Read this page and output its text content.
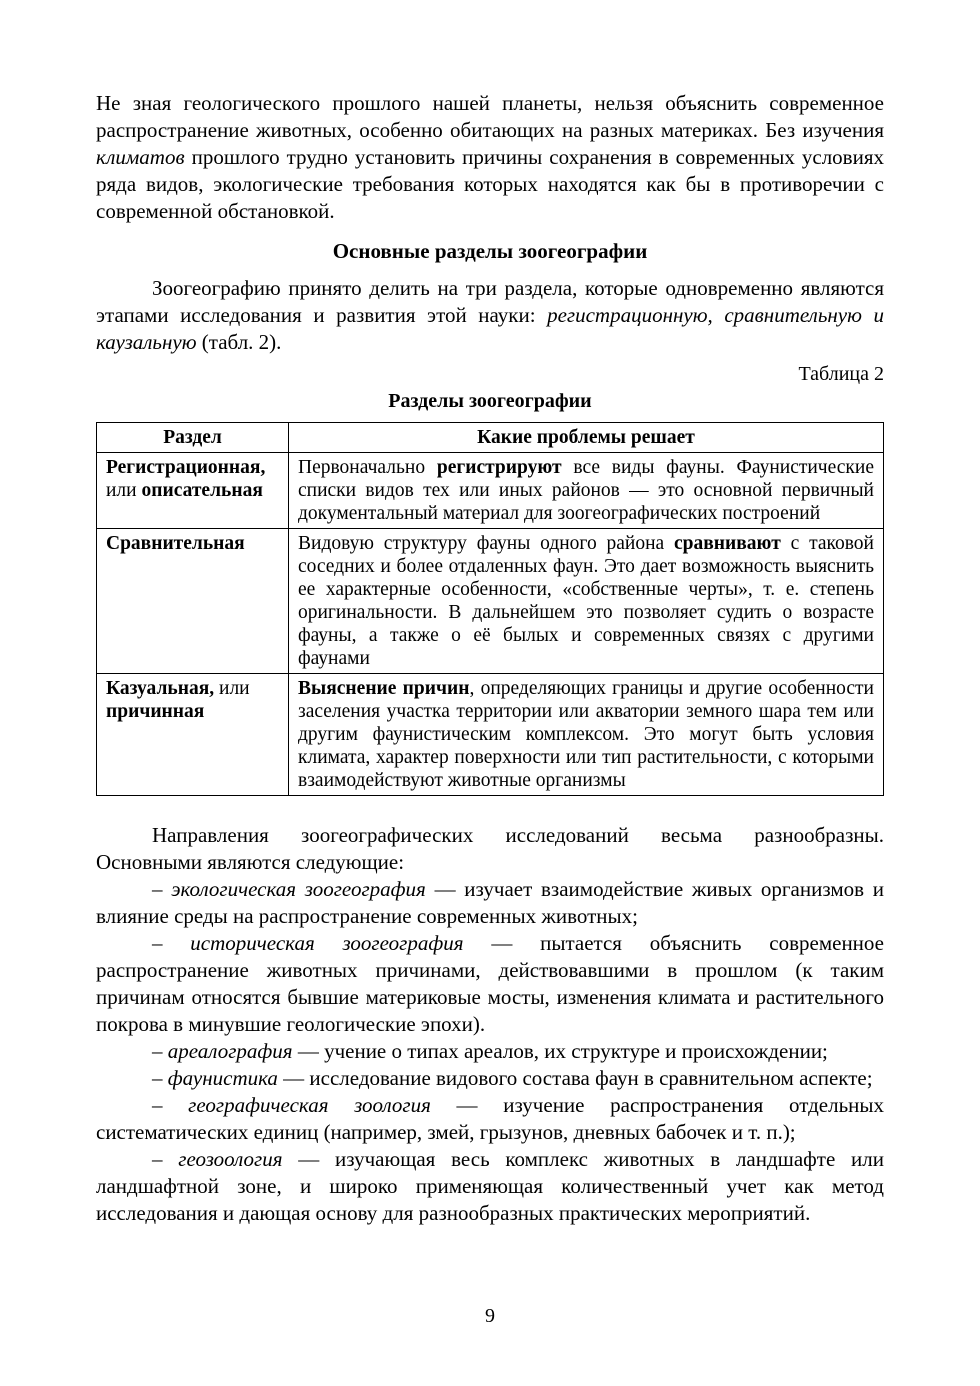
Не зная геологического прошлого нашей планеты, нельзя объяснить современное распространение животных, особенно обитающих на разных материках. Без изучения климатов прошлого трудно установить причины сохранения в современных условиях ряда видов, экологические требования которых находятся как бы в противоречии с современной обстановкой.

Основные разделы зоогеографии

Зоогеографию принято делить на три раздела, которые одновременно являются этапами исследования и развития этой науки: регистрационную, сравнительную и каузальную (табл. 2).

Таблица 2
Разделы зоогеографии
Раздел	Какие проблемы решает
Регистрационная, или описательная	Первоначально регистрируют все виды фауны. Фаунистические списки видов тех или иных районов — это основной первичный документальный материал для зоогеографических построений
Сравнительная	Видовую структуру фауны одного района сравнивают с таковой соседних и более отдаленных фаун. Это дает возможность выяснить ее характерные особенности, «собственные черты», т. е. степень оригинальности. В дальнейшем это позволяет судить о возрасте фауны, а также о её былых и современных связях с другими фаунами
Казуальная, или причинная	Выяснение причин, определяющих границы и другие особенности заселения участка территории или акватории земного шара тем или другим фаунистическим комплексом. Это могут быть условия климата, характер поверхности или тип растительности, с которыми взаимодействуют животные организмы

Направления зоогеографических исследований весьма разнообразны. Основными являются следующие:

– экологическая зоогеография — изучает взаимодействие живых организмов и влияние среды на распространение современных животных;

– историческая зоогеография — пытается объяснить современное распространение животных причинами, действовавшими в прошлом (к таким причинам относятся бывшие материковые мосты, изменения климата и растительного покрова в минувшие геологические эпохи).

– ареалография — учение о типах ареалов, их структуре и происхождении;

– фаунистика — исследование видового состава фаун в сравнительном аспекте;

– географическая зоология — изучение распространения отдельных систематических единиц (например, змей, грызунов, дневных бабочек и т. п.);

– геозоология — изучающая весь комплекс животных в ландшафте или ландшафтной зоне, и широко применяющая количественный учет как метод исследования и дающая основу для разнообразных практических мероприятий.

9
